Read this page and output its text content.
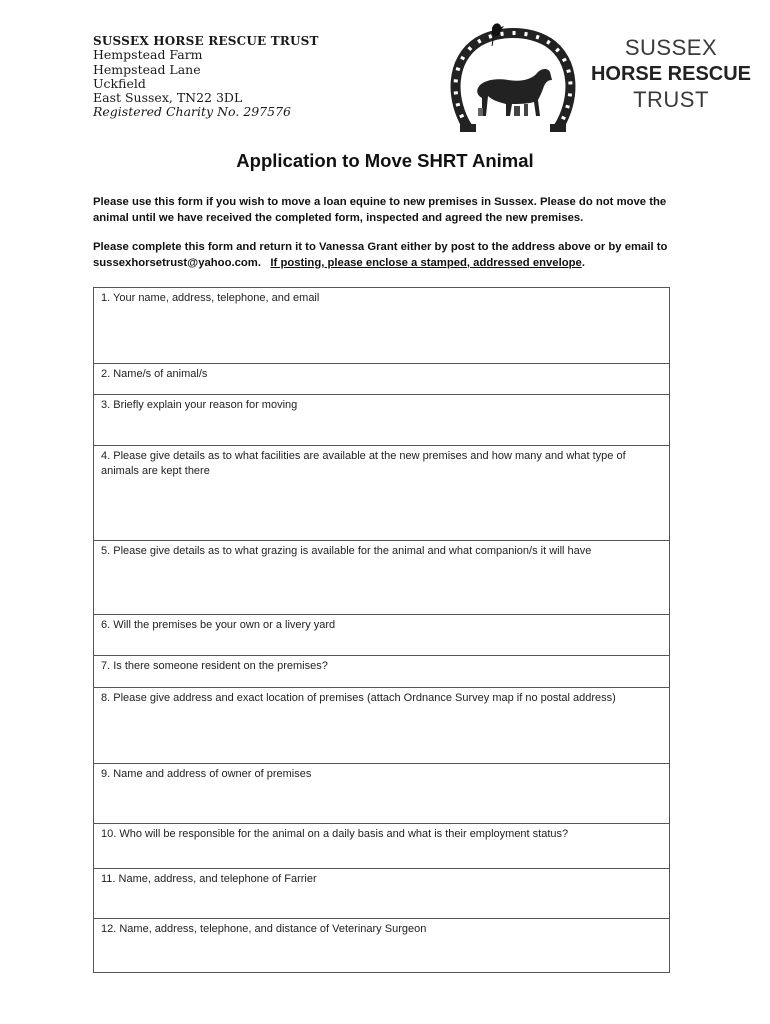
SUSSEX HORSE RESCUE TRUST
Hempstead Farm
Hempstead Lane
Uckfield
East Sussex, TN22 3DL
Registered Charity No. 297576
SUSSEX
HORSE RESCUE
TRUST
Application to Move SHRT Animal
Please use this form if you wish to move a loan equine to new premises in Sussex. Please do not move the animal until we have received the completed form, inspected and agreed the new premises.
Please complete this form and return it to Vanessa Grant either by post to the address above or by email to sussexhorsetrust@yahoo.com. If posting, please enclose a stamped, addressed envelope.
1. Your name, address, telephone, and email
2. Name/s of animal/s
3. Briefly explain your reason for moving
4. Please give details as to what facilities are available at the new premises and how many and what type of animals are kept there
5. Please give details as to what grazing is available for the animal and what companion/s it will have
6. Will the premises be your own or a livery yard
7. Is there someone resident on the premises?
8. Please give address and exact location of premises (attach Ordnance Survey map if no postal address)
9. Name and address of owner of premises
10. Who will be responsible for the animal on a daily basis and what is their employment status?
11. Name, address, and telephone of Farrier
12. Name, address, telephone, and distance of Veterinary Surgeon
